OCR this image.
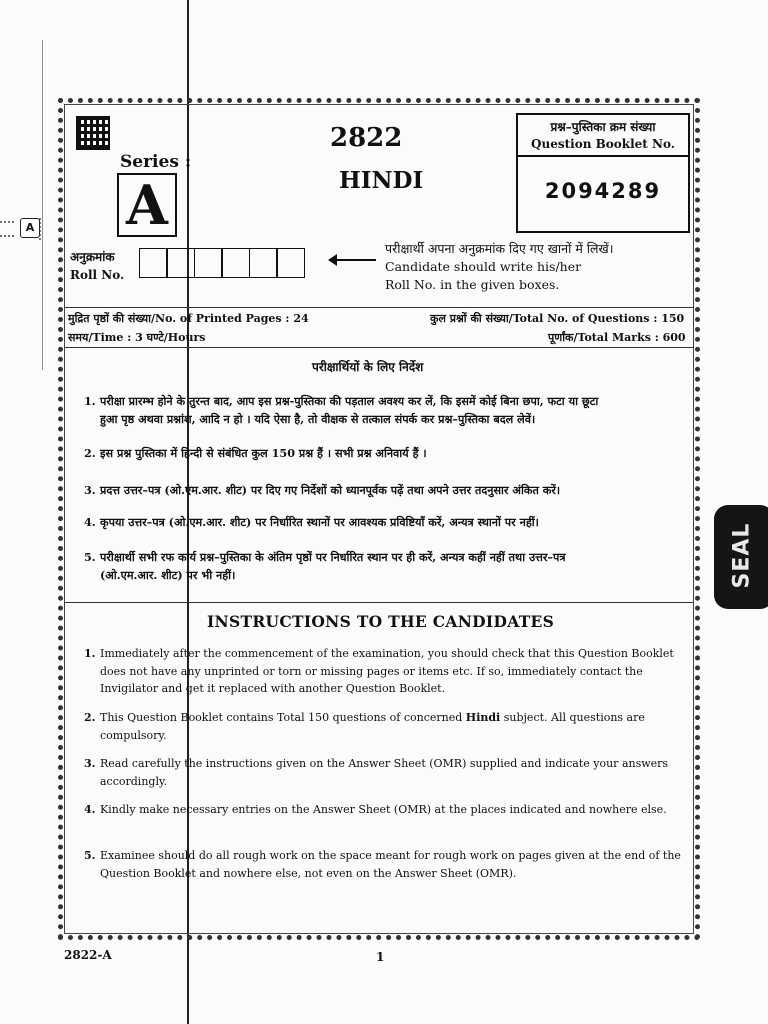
A
Series :
A
2822
HINDI
प्रश्न–पुस्तिका क्रम संख्या
Question Booklet No.
2094289
अनुक्रमांक
Roll No.
परीक्षार्थी अपना अनुक्रमांक दिए गए खानों में लिखें।
Candidate should write his/her
Roll No. in the given boxes.
मुद्रित पृष्ठों की संख्या/No. of Printed Pages : 24	कुल प्रश्नों की संख्या/Total No. of Questions : 150
समय/Time : 3 घण्टे/Hours	पूर्णांक/Total Marks : 600
परीक्षार्थियों के लिए निर्देश
1. परीक्षा प्रारम्भ होने के तुरन्त बाद, आप इस प्रश्न-पुस्तिका की पड़ताल अवश्य कर लें, कि इसमें कोई बिना छपा, फटा या छूटा
हुआ पृष्ठ अथवा प्रश्नांश, आदि न हो । यदि ऐसा है, तो वीक्षक से तत्काल संपर्क कर प्रश्न–पुस्तिका बदल लेवें।
2. इस प्रश्न पुस्तिका में हिन्दी से संबंधित कुल 150 प्रश्न हैं । सभी प्रश्न अनिवार्य हैं ।
3. प्रदत्त उत्तर–पत्र (ओ.एम.आर. शीट) पर दिए गए निर्देशों को ध्यानपूर्वक पढ़ें तथा अपने उत्तर तदनुसार अंकित करें।
4. कृपया उत्तर–पत्र (ओ.एम.आर. शीट) पर निर्धारित स्थानों पर आवश्यक प्रविष्टियाँ करें, अन्यत्र स्थानों पर नहीं।
5. परीक्षार्थी सभी रफ कार्य प्रश्न–पुस्तिका के अंतिम पृष्ठों पर निर्धारित स्थान पर ही करें, अन्यत्र कहीं नहीं तथा उत्तर–पत्र
(ओ.एम.आर. शीट) पर भी नहीं।
INSTRUCTIONS TO THE CANDIDATES
1. Immediately after the commencement of the examination, you should check that this Question Booklet does not have any unprinted or torn or missing pages or items etc. If so, immediately contact the Invigilator and get it replaced with another Question Booklet.
2. This Question Booklet contains Total 150 questions of concerned Hindi subject. All questions are compulsory.
3. Read carefully the instructions given on the Answer Sheet (OMR) supplied and indicate your answers accordingly.
4. Kindly make necessary entries on the Answer Sheet (OMR) at the places indicated and nowhere else.
5. Examinee should do all rough work on the space meant for rough work on pages given at the end of the Question Booklet and nowhere else, not even on the Answer Sheet (OMR).
2822-A	1
SEAL
